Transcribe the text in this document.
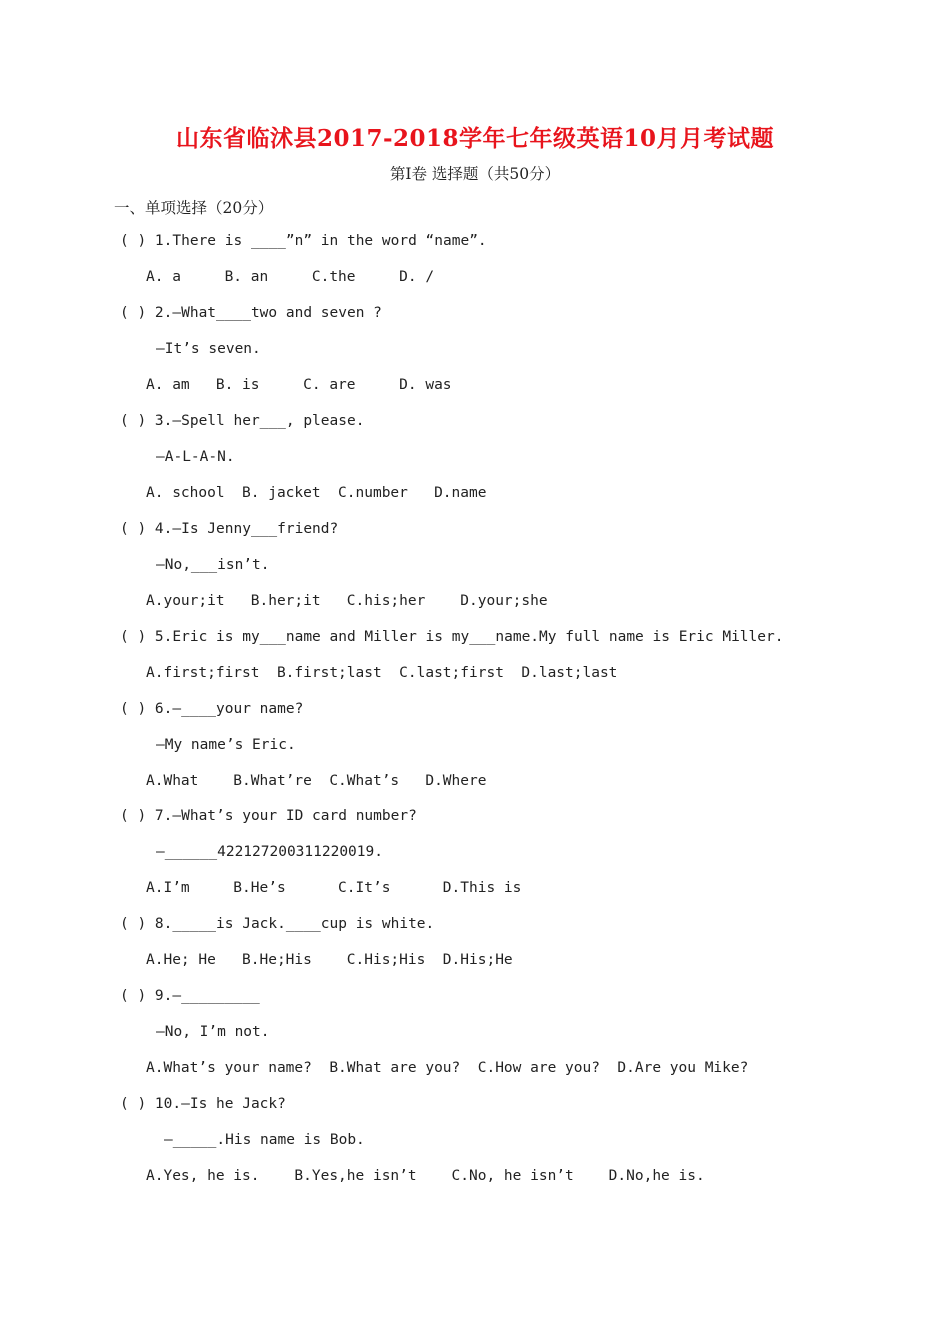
山东省临沭县2017-2018学年七年级英语10月月考试题
第Ⅰ卷 选择题（共50分）
一、单项选择（20分）
( ) 1.There is ____”n” in the word “name”.
A. a     B. an     C.the     D. /
( ) 2.—What____two and seven ?
—It’s seven.
A. am   B. is     C. are     D. was
( ) 3.—Spell her___, please.
—A-L-A-N.
A. school  B. jacket  C.number   D.name
( ) 4.—Is Jenny___friend?
—No,___isn’t.
A.your;it   B.her;it   C.his;her    D.your;she
( ) 5.Eric is my___name and Miller is my___name.My full name is Eric Miller.
A.first;first  B.first;last  C.last;first  D.last;last
( ) 6.—____your name?
—My name’s Eric.
A.What    B.What’re  C.What’s   D.Where
( ) 7.—What’s your ID card number?
—______422127200311220019.
A.I’m     B.He’s      C.It’s      D.This is
( ) 8._____is Jack.____cup is white.
A.He; He   B.He;His    C.His;His  D.His;He
( ) 9.—_________
—No, I’m not.
A.What’s your name?  B.What are you?  C.How are you?  D.Are you Mike?
( ) 10.—Is he Jack?
—_____.His name is Bob.
A.Yes, he is.    B.Yes,he isn’t    C.No, he isn’t    D.No,he is.
